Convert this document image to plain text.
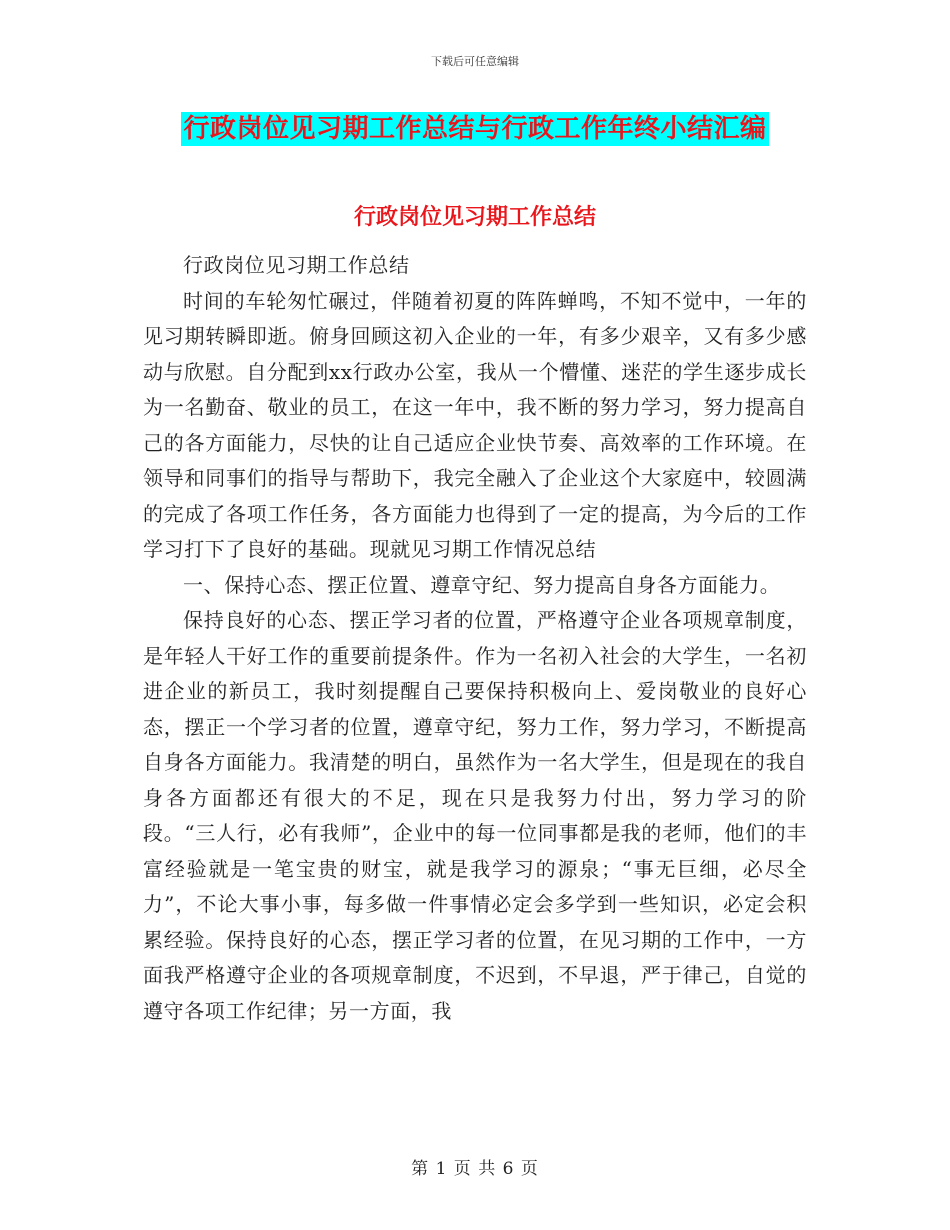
下载后可任意编辑
行政岗位见习期工作总结与行政工作年终小结汇编
行政岗位见习期工作总结

行政岗位见习期工作总结

时间的车轮匆忙碾过，伴随着初夏的阵阵蝉鸣，不知不觉中，一年的见习期转瞬即逝。俯身回顾这初入企业的一年，有多少艰辛，又有多少感动与欣慰。自分配到xx行政办公室，我从一个懵懂、迷茫的学生逐步成长为一名勤奋、敬业的员工，在这一年中，我不断的努力学习，努力提高自己的各方面能力，尽快的让自己适应企业快节奏、高效率的工作环境。在领导和同事们的指导与帮助下，我完全融入了企业这个大家庭中，较圆满的完成了各项工作任务，各方面能力也得到了一定的提高，为今后的工作学习打下了良好的基础。现就见习期工作情况总结

一、保持心态、摆正位置、遵章守纪、努力提高自身各方面能力。

保持良好的心态、摆正学习者的位置，严格遵守企业各项规章制度，是年轻人干好工作的重要前提条件。作为一名初入社会的大学生，一名初进企业的新员工，我时刻提醒自己要保持积极向上、爱岗敬业的良好心态，摆正一个学习者的位置，遵章守纪，努力工作，努力学习，不断提高自身各方面能力。我清楚的明白，虽然作为一名大学生，但是现在的我自身各方面都还有很大的不足，现在只是我努力付出，努力学习的阶段。“三人行，必有我师”，企业中的每一位同事都是我的老师，他们的丰富经验就是一笔宝贵的财宝，就是我学习的源泉；“事无巨细，必尽全力”，不论大事小事，每多做一件事情必定会多学到一些知识，必定会积累经验。保持良好的心态，摆正学习者的位置，在见习期的工作中，一方面我严格遵守企业的各项规章制度，不迟到，不早退，严于律己，自觉的遵守各项工作纪律；另一方面，我

第 1 页 共 6 页
